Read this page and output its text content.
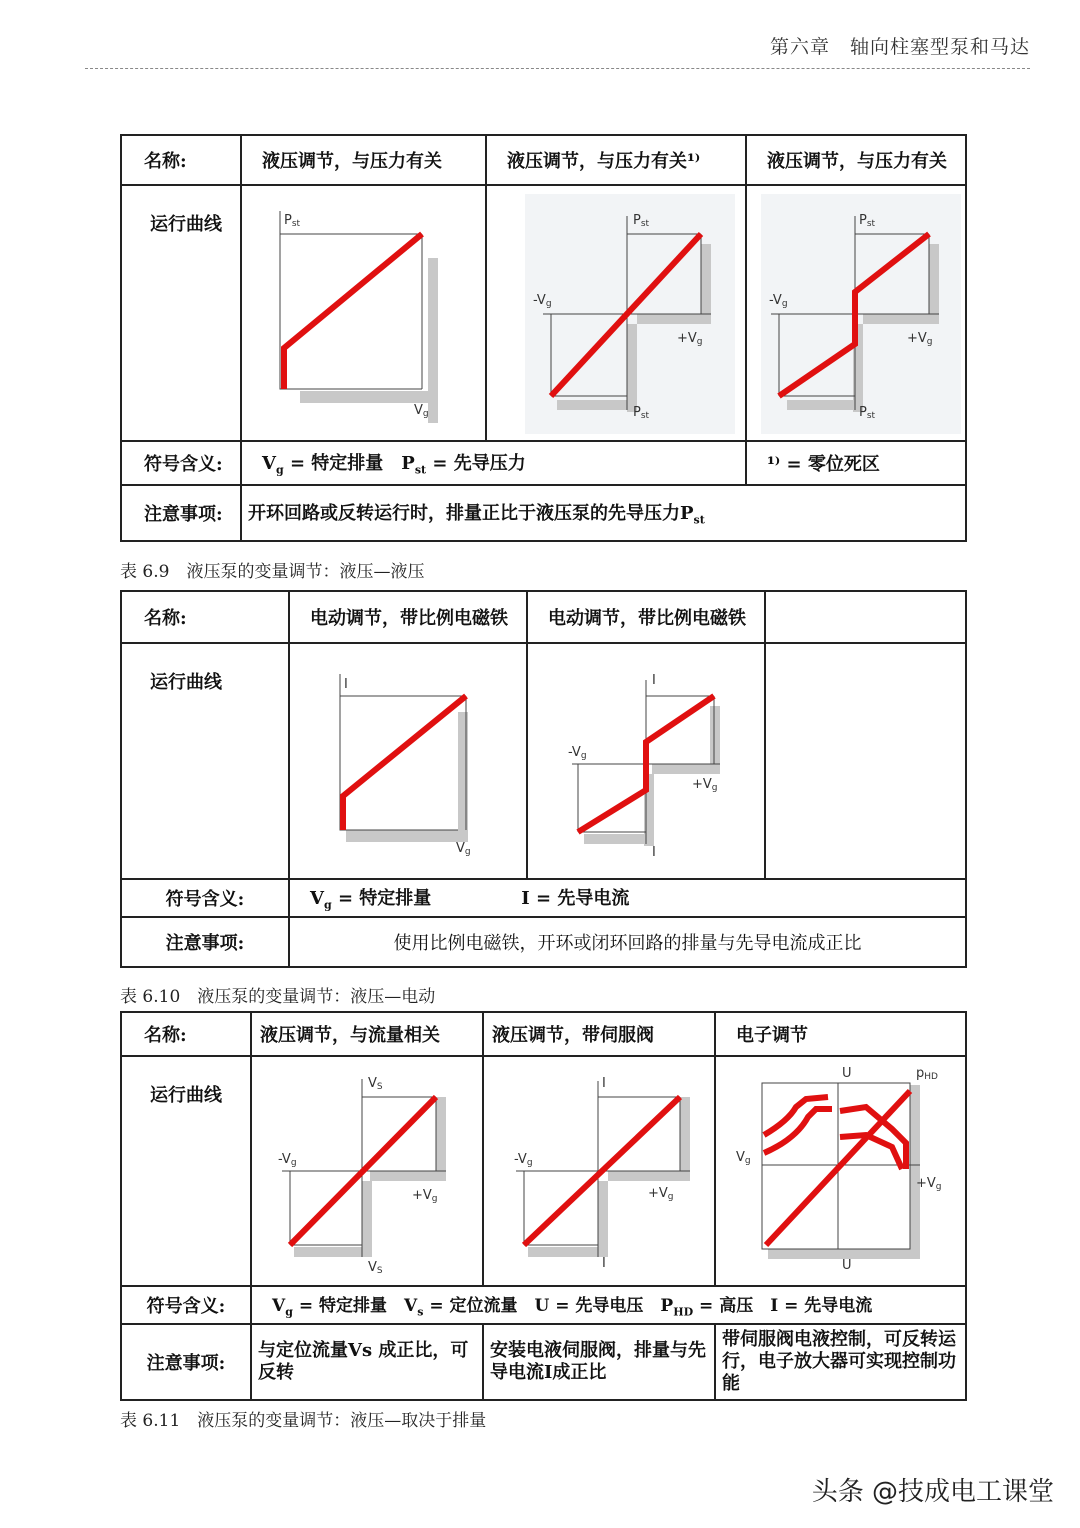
第六章　轴向柱塞型泵和马达
名称:	液压调节，与压力有关	液压调节，与压力有关¹⁾	液压调节，与压力有关
运行曲线	Pst
Vg	Pst
-Vg
+Vg
Pst	Pst
-Vg
+Vg
Pst

符号含义:	$V_g$ = 特定排量　$P_{st}$ = 先导压力		¹⁾ = 零位死区
注意事项:	开环回路或反转运行时，排量正比于液压泵的先导压力$P_{st}$
表 6.9　液压泵的变量调节：液压—液压
名称:	电动调节，带比例电磁铁	电动调节，带比例电磁铁	
运行曲线	I
Vg	I
-Vg
+Vg
I	

符号含义:	$V_g$ = 特定排量 I = 先导电流		
注意事项:	使用比例电磁铁，开环或闭环回路的排量与先导电流成正比		
表 6.10　液压泵的变量调节：液压—电动
名称:	液压调节，与流量相关	液压调节，带伺服阀	电子调节
运行曲线	VS
-Vg
+Vg
VS	I
-Vg
+Vg
I	U pHD
Vg
+Vg
U

符号含义:	$V_g$ = 特定排量　 $V_s$ = 定位流量　 U = 先导电压　 $P_{HD}$ = 高压　 I = 先导电流		
注意事项:	与定位流量Vs 成正比，可反转	安装电液伺服阀，排量与先导电流I成正比	带伺服阀电液控制，可反转运行，电子放大器可实现控制功能
表 6.11　液压泵的变量调节：液压—取决于排量
头条 @技成电工课堂
